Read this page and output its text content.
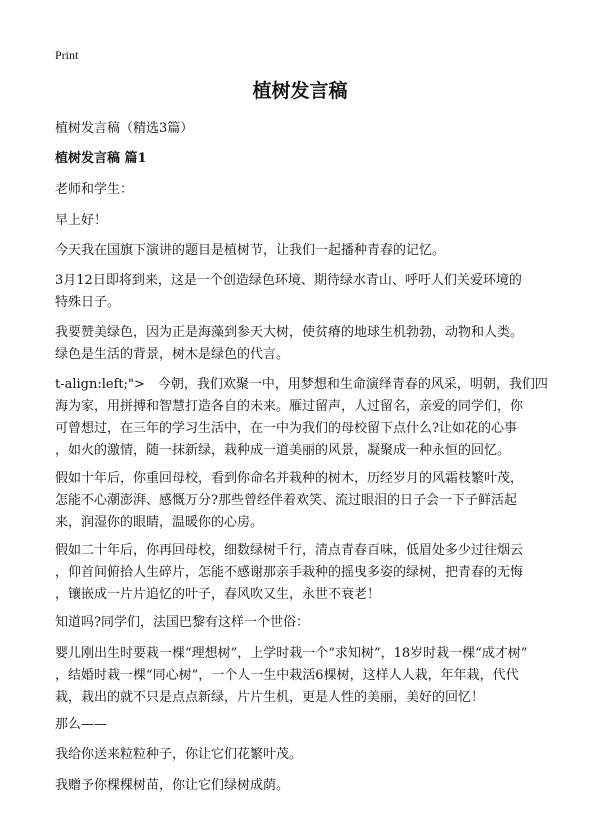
Print
植树发言稿
植树发言稿（精选3篇）
植树发言稿 篇1
老师和学生：
早上好！
今天我在国旗下演讲的题目是植树节，让我们一起播种青春的记忆。
3月12日即将到来，这是一个创造绿色环境、期待绿水青山、呼吁人们关爱环境的
特殊日子。
我要赞美绿色，因为正是海藻到参天大树，使贫瘠的地球生机勃勃，动物和人类。
绿色是生活的背景，树木是绿色的代言。
t-align:left;">　今朝，我们欢聚一中，用梦想和生命演绎青春的风采，明朝，我们四
海为家，用拼搏和智慧打造各自的未来。雁过留声，人过留名，亲爱的同学们，你
可曾想过，在三年的学习生活中，在一中为我们的母校留下点什么?让如花的心事
，如火的激情，随一抹新绿，栽种成一道美丽的风景，凝聚成一种永恒的回忆。
假如十年后，你重回母校，看到你命名并栽种的树木，历经岁月的风霜枝繁叶茂，
怎能不心潮澎湃、感慨万分?那些曾经伴着欢笑、流过眼泪的日子会一下子鲜活起
来，润湿你的眼睛，温暖你的心房。
假如二十年后，你再回母校，细数绿树千行，清点青春百味，低眉处多少过往烟云
，仰首间俯拾人生碎片，怎能不感谢那亲手栽种的摇曳多姿的绿树，把青春的无悔
，镶嵌成一片片追忆的叶子，春风吹又生，永世不衰老！
知道吗?同学们，法国巴黎有这样一个世俗：
婴儿刚出生时要栽一棵“理想树”，上学时栽一个“求知树”，18岁时栽一棵“成才树”
，结婚时栽一棵“同心树”，一个人一生中栽活6棵树，这样人人栽，年年栽，代代
栽，栽出的就不只是点点新绿，片片生机，更是人性的美丽，美好的回忆！
那么——
我给你送来粒粒种子，你让它们花繁叶茂。
我赠予你棵棵树苗，你让它们绿树成荫。
